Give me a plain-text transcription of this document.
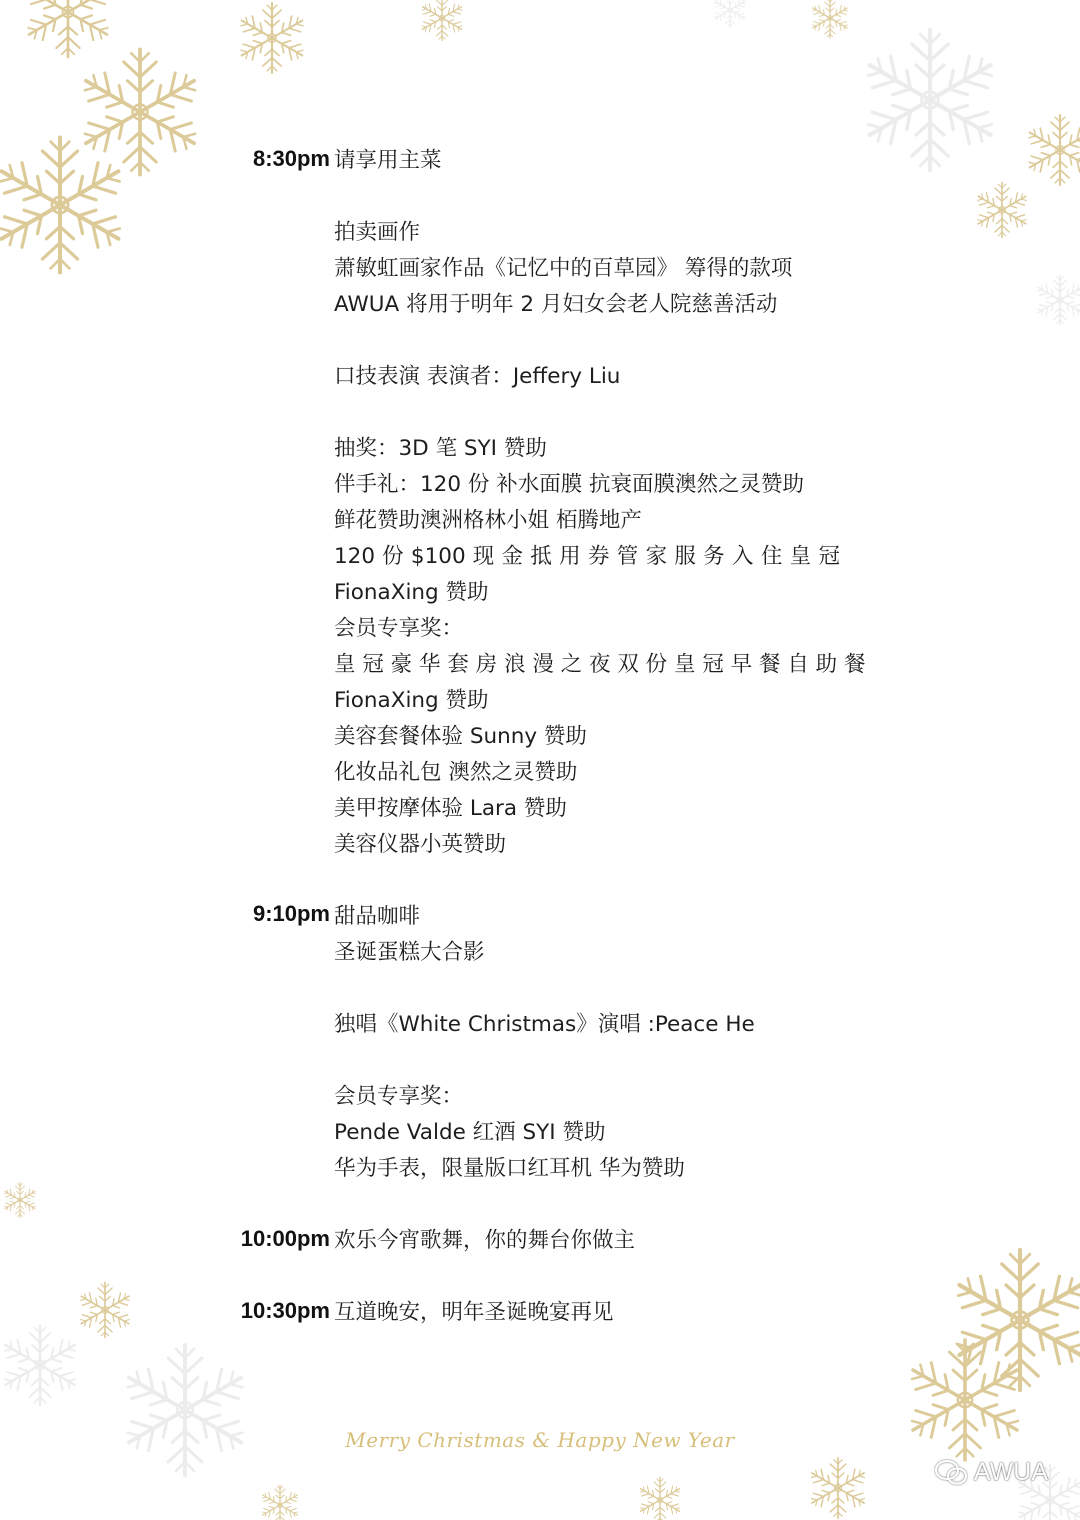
8:30pm 请享用主菜
拍卖画作
萧敏虹画家作品《记忆中的百草园》 筹得的款项
AWUA 将用于明年 2 月妇女会老人院慈善活动
口技表演 表演者：Jeffery Liu
抽奖：3D 笔 SYI 赞助
伴手礼：120 份 补水面膜 抗衰面膜澳然之灵赞助
鲜花赞助澳洲格林小姐 栢腾地产
120 份 $100 现 金 抵 用 券 管 家 服 务 入 住 皇 冠
FionaXing 赞助
会员专享奖：
皇 冠 豪 华 套 房 浪 漫 之 夜 双 份 皇 冠 早 餐 自 助 餐
FionaXing 赞助
美容套餐体验 Sunny 赞助
化妆品礼包 澳然之灵赞助
美甲按摩体验 Lara 赞助
美容仪器小英赞助
9:10pm 甜品咖啡
圣诞蛋糕大合影
独唱《White Christmas》演唱 :Peace He
会员专享奖：
Pende Valde 红酒 SYI 赞助
华为手表，限量版口红耳机 华为赞助
10:00pm 欢乐今宵歌舞，你的舞台你做主
10:30pm 互道晚安，明年圣诞晚宴再见
Merry Christmas & Happy New Year
AWUA
